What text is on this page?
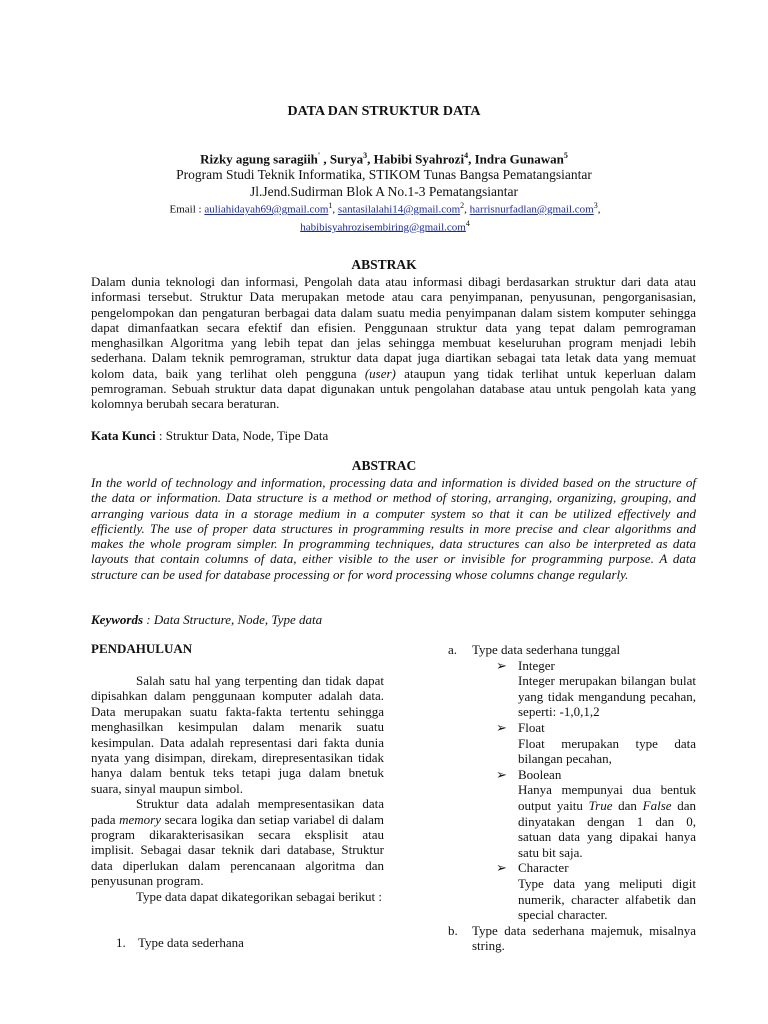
DATA DAN STRUKTUR DATA
Rizky agung saragiih' , Surya$^3$, Habibi Syahrozi$^4$, Indra Gunawan$^5$
Program Studi Teknik Informatika, STIKOM Tunas Bangsa Pematangsiantar
Jl.Jend.Sudirman Blok A No.1-3 Pematangsiantar
Email : auliahidayah69@gmail.com$^1$, santasilalahi14@gmail.com$^2$, harrisnurfadlan@gmail.com$^3$,
habibisyahrozisembiring@gmail.com$^4$
ABSTRAK
Dalam dunia teknologi dan informasi, Pengolah data atau informasi dibagi berdasarkan struktur dari data atau informasi tersebut. Struktur Data merupakan metode atau cara penyimpanan, penyusunan, pengorganisasian, pengelompokan dan pengaturan berbagai data dalam suatu media penyimpanan dalam sistem komputer sehingga dapat dimanfaatkan secara efektif dan efisien. Penggunaan struktur data yang tepat dalam pemrograman menghasilkan Algoritma yang lebih tepat dan jelas sehingga membuat keseluruhan program menjadi lebih sederhana. Dalam teknik pemrograman, struktur data dapat juga diartikan sebagai tata letak data yang memuat kolom data, baik yang terlihat oleh pengguna (user) ataupun yang tidak terlihat untuk keperluan dalam pemrograman. Sebuah struktur data dapat digunakan untuk pengolahan database atau untuk pengolah kata yang kolomnya berubah secara beraturan.
Kata Kunci : Struktur Data, Node, Tipe Data
ABSTRAC
In the world of technology and information, processing data and information is divided based on the structure of the data or information. Data structure is a method or method of storing, arranging, organizing, grouping, and arranging various data in a storage medium in a computer system so that it can be utilized effectively and efficiently. The use of proper data structures in programming results in more precise and clear algorithms and makes the whole program simpler. In programming techniques, data structures can also be interpreted as data layouts that contain columns of data, either visible to the user or invisible for programming purpose. A data structure can be used for database processing or for word processing whose columns change regularly.
Keywords : Data Structure, Node, Type data
PENDAHULUAN

Salah satu hal yang terpenting dan tidak dapat dipisahkan dalam penggunaan komputer adalah data. Data merupakan suatu fakta-fakta tertentu sehingga menghasilkan kesimpulan dalam menarik suatu kesimpulan. Data adalah representasi dari fakta dunia nyata yang disimpan, direkam, direpresentasikan tidak hanya dalam bentuk teks tetapi juga dalam bnetuk suara, sinyal maupun simbol.

Struktur data adalah mempresentasikan data pada memory secara logika dan setiap variabel di dalam program dikarakterisasikan secara eksplisit atau implisit. Sebagai dasar teknik dari database, Struktur data diperlukan dalam perencanaan algoritma dan penyusunan program.

Type data dapat dikategorikan sebagai berikut :

1. Type data sederhana
a.	Type data sederhana tunggal
➢ Integer
Integer merupakan bilangan bulat yang tidak mengandung pecahan, seperti: -1,0,1,2
➢ Float
Float merupakan type data bilangan pecahan,
➢ Boolean
Hanya mempunyai dua bentuk output yaitu True dan False dan dinyatakan dengan 1 dan 0, satuan data yang dipakai hanya satu bit saja.
➢ Character
Type data yang meliputi digit numerik, character alfabetik dan special character.
b.	Type data sederhana majemuk, misalnya string.
